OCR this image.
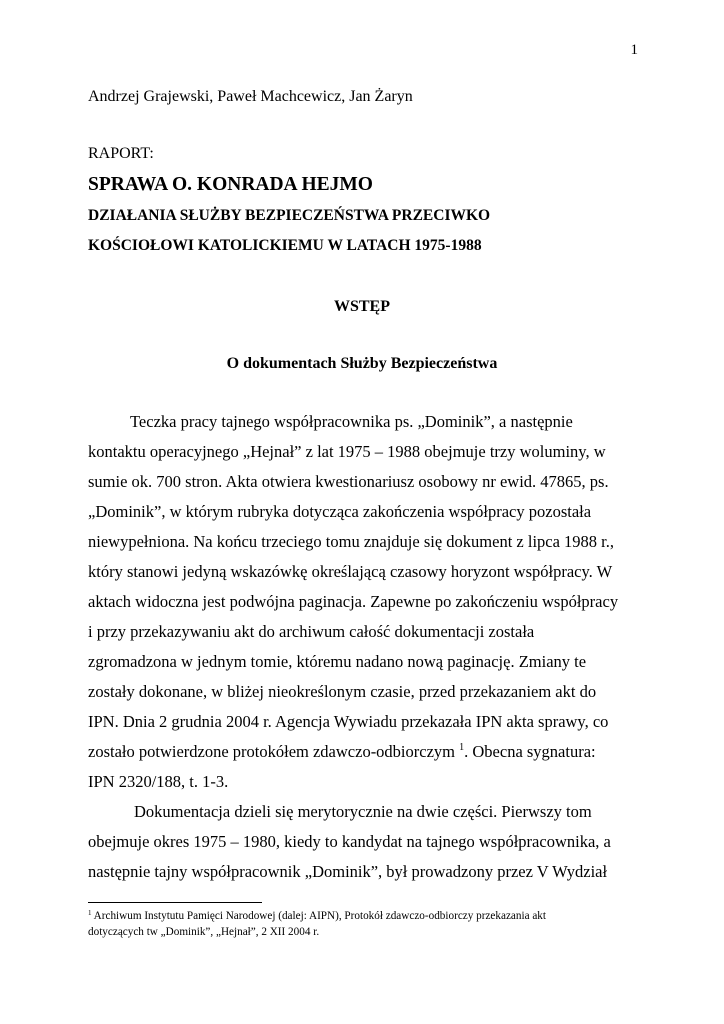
1
Andrzej Grajewski, Paweł Machcewicz, Jan Żaryn
RAPORT:
SPRAWA O. KONRADA HEJMO
DZIAŁANIA SŁUŻBY BEZPIECZEŃSTWA PRZECIWKO
KOŚCIOŁOWI KATOLICKIEMU W LATACH 1975-1988
WSTĘP
O dokumentach Służby Bezpieczeństwa
Teczka pracy tajnego współpracownika ps. „Dominik”, a następnie
kontaktu operacyjnego „Hejnał” z lat 1975 – 1988 obejmuje trzy woluminy, w
sumie ok. 700 stron. Akta otwiera kwestionariusz osobowy nr ewid. 47865, ps.
„Dominik”, w którym rubryka dotycząca zakończenia współpracy pozostała
niewypełniona. Na końcu trzeciego tomu znajduje się dokument z lipca 1988 r.,
który stanowi jedyną wskazówkę określającą czasowy horyzont współpracy. W
aktach widoczna jest podwójna paginacja. Zapewne po zakończeniu współpracy
i przy przekazywaniu akt do archiwum całość dokumentacji została
zgromadzona w jednym tomie, któremu nadano nową paginację. Zmiany te
zostały dokonane, w bliżej nieokreślonym czasie, przed przekazaniem akt do
IPN. Dnia 2 grudnia 2004 r. Agencja Wywiadu przekazała IPN akta sprawy, co
zostało potwierdzone protokółem zdawczo-odbiorczym $^1$. Obecna sygnatura:
IPN 2320/188, t. 1-3.
Dokumentacja dzieli się merytorycznie na dwie części. Pierwszy tom
obejmuje okres 1975 – 1980, kiedy to kandydat na tajnego współpracownika, a
następnie tajny współpracownik „Dominik”, był prowadzony przez V Wydział
$^1$ Archiwum Instytutu Pamięci Narodowej (dalej: AIPN), Protokół zdawczo-odbiorczy przekazania akt
dotyczących tw „Dominik”, „Hejnał”, 2 XII 2004 r.
